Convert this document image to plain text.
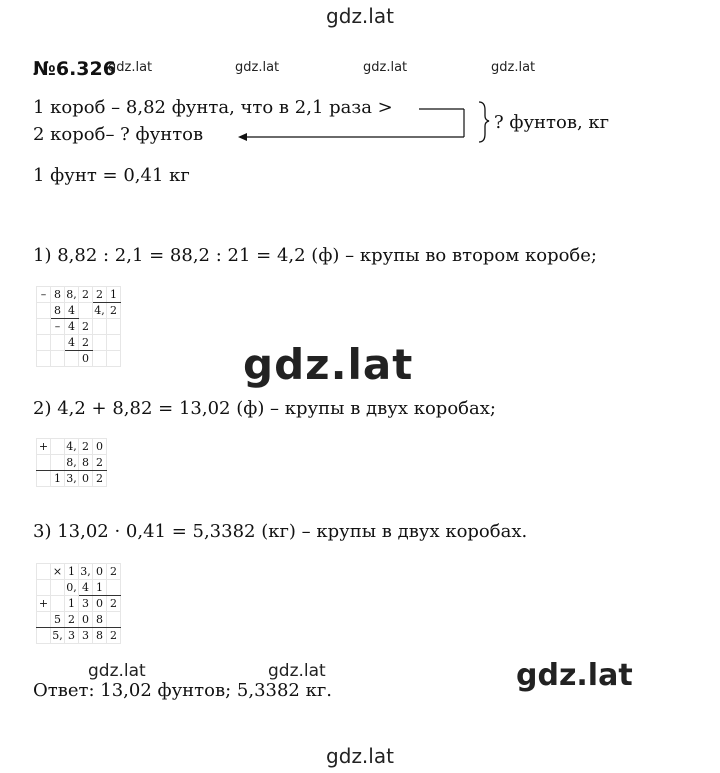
gdz.lat
№6.326
gdz.lat	gdz.lat	gdz.lat	gdz.lat
1 короб – 8,82 фунта, что в 2,1 раза >
2 короб– ? фунтов
? фунтов, кг
1 фунт = 0,41 кг
1) 8,82 : 2,1 = 88,2 : 21 = 4,2 (ф) – крупы во втором коробе;
–	8	8,	2	2	1
	8	4		4,	2
	–	4	2		
		4	2		
			0			gdz.lat
2) 4,2 + 8,82 = 13,02 (ф) – крупы в двух коробах;
+		4,	2	0
		8,	8	2
	1	3,	0	2
3) 13,02 · 0,41 = 5,3382 (кг) – крупы в двух коробах.
	×	1	3,	0	2
		0,	4	1	
+		1	3	0	2
	5	2	0	8	
	5,	3	3	8	2
gdz.lat	gdz.lat	gdz.lat
Ответ: 13,02 фунтов; 5,3382 кг.
gdz.lat
